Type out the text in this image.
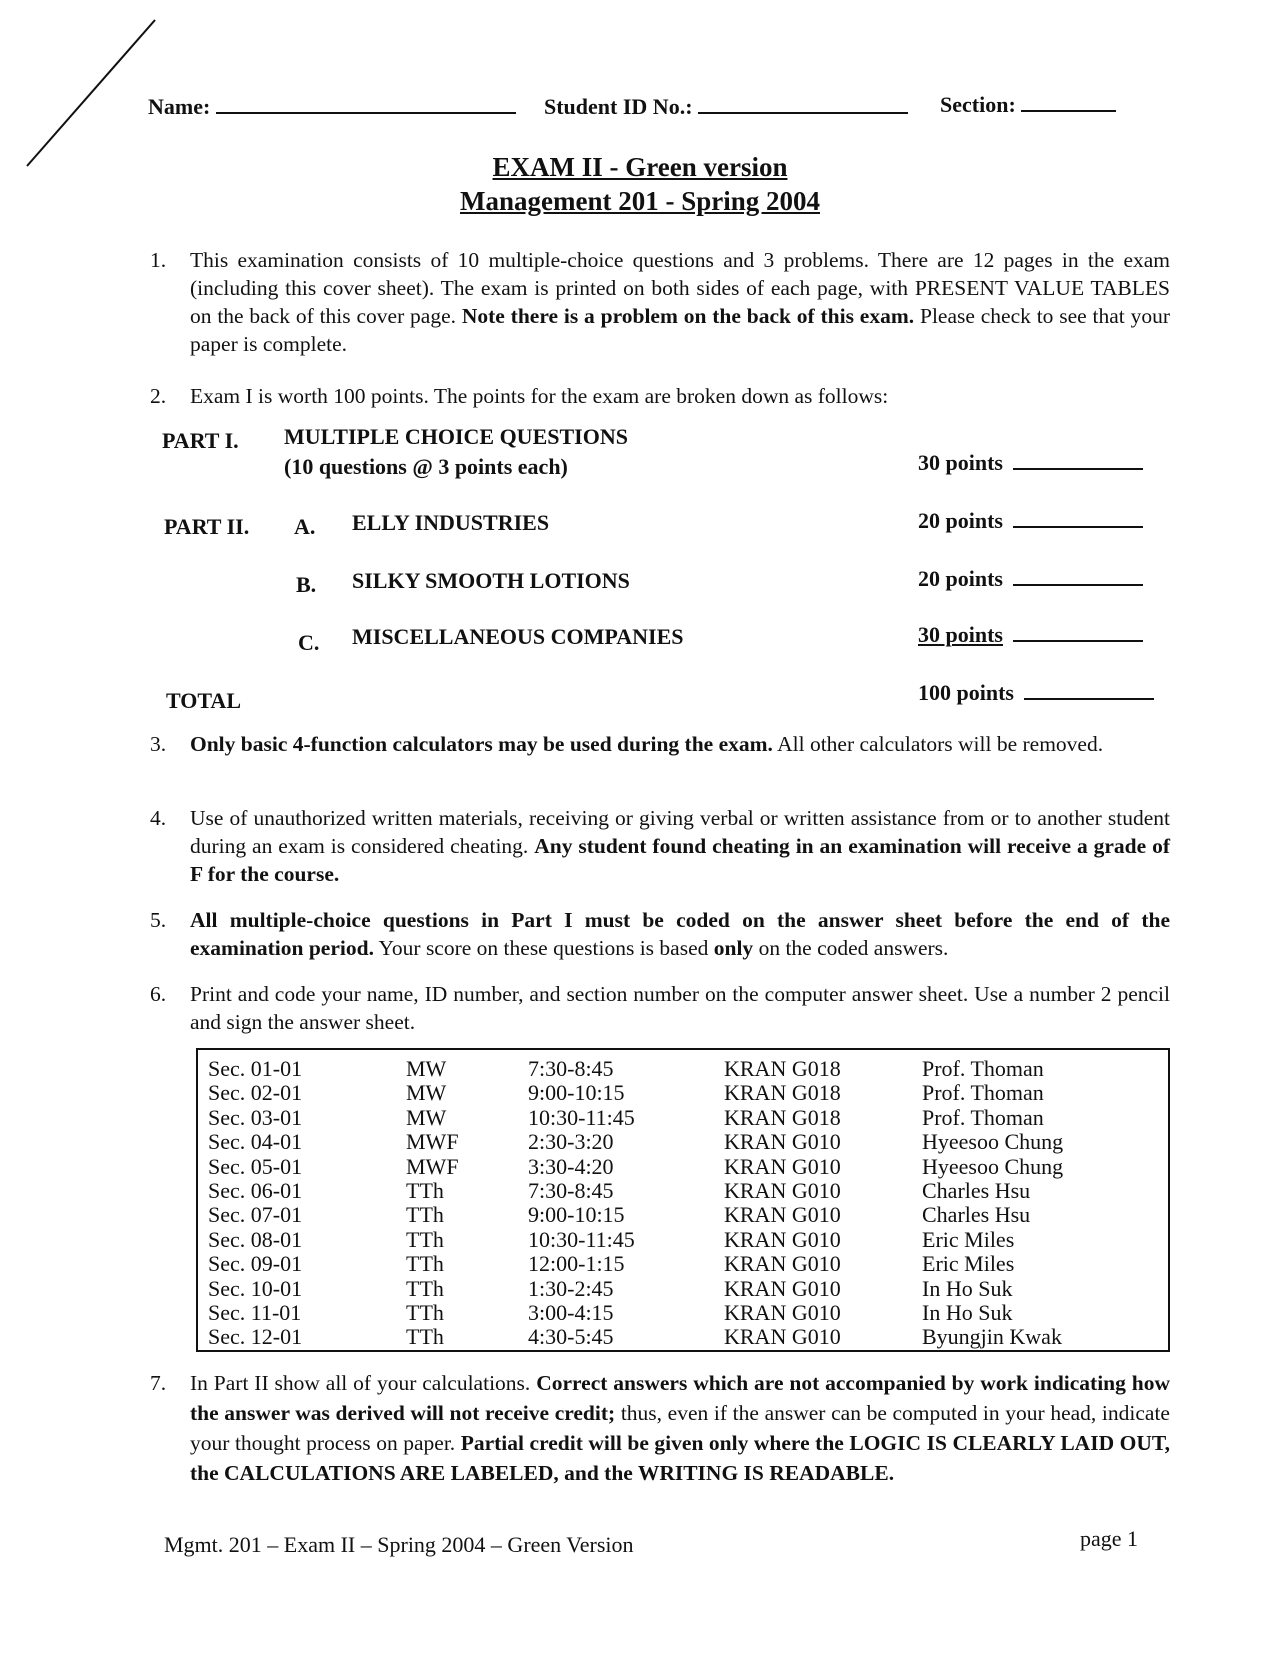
Name:	Student ID No.:	Section:
EXAM II - Green version
Management 201 - Spring 2004
1. This examination consists of 10 multiple-choice questions and 3 problems. There are 12 pages in the exam (including this cover sheet). The exam is printed on both sides of each page, with PRESENT VALUE TABLES on the back of this cover page. Note there is a problem on the back of this exam. Please check to see that your paper is complete.
2. Exam I is worth 100 points. The points for the exam are broken down as follows:
PART I. MULTIPLE CHOICE QUESTIONS
(10 questions @ 3 points each)	30 points
PART II. A. ELLY INDUSTRIES	20 points
B. SILKY SMOOTH LOTIONS	20 points
C. MISCELLANEOUS COMPANIES	30 points
TOTAL	100 points
3. Only basic 4-function calculators may be used during the exam. All other calculators will be removed.
4. Use of unauthorized written materials, receiving or giving verbal or written assistance from or to another student during an exam is considered cheating. Any student found cheating in an examination will receive a grade of F for the course.
5. All multiple-choice questions in Part I must be coded on the answer sheet before the end of the examination period. Your score on these questions is based only on the coded answers.
6. Print and code your name, ID number, and section number on the computer answer sheet. Use a number 2 pencil and sign the answer sheet.
Sec. 01-01	MW	7:30-8:45	KRAN G018	Prof. Thoman
Sec. 02-01	MW	9:00-10:15	KRAN G018	Prof. Thoman
Sec. 03-01	MW	10:30-11:45	KRAN G018	Prof. Thoman
Sec. 04-01	MWF	2:30-3:20	KRAN G010	Hyeesoo Chung
Sec. 05-01	MWF	3:30-4:20	KRAN G010	Hyeesoo Chung
Sec. 06-01	TTh	7:30-8:45	KRAN G010	Charles Hsu
Sec. 07-01	TTh	9:00-10:15	KRAN G010	Charles Hsu
Sec. 08-01	TTh	10:30-11:45	KRAN G010	Eric Miles
Sec. 09-01	TTh	12:00-1:15	KRAN G010	Eric Miles
Sec. 10-01	TTh	1:30-2:45	KRAN G010	In Ho Suk
Sec. 11-01	TTh	3:00-4:15	KRAN G010	In Ho Suk
Sec. 12-01	TTh	4:30-5:45	KRAN G010	Byungjin Kwak
7. In Part II show all of your calculations. Correct answers which are not accompanied by work indicating how the answer was derived will not receive credit; thus, even if the answer can be computed in your head, indicate your thought process on paper. Partial credit will be given only where the LOGIC IS CLEARLY LAID OUT, the CALCULATIONS ARE LABELED, and the WRITING IS READABLE.
Mgmt. 201 – Exam II – Spring 2004 – Green Version	page 1
